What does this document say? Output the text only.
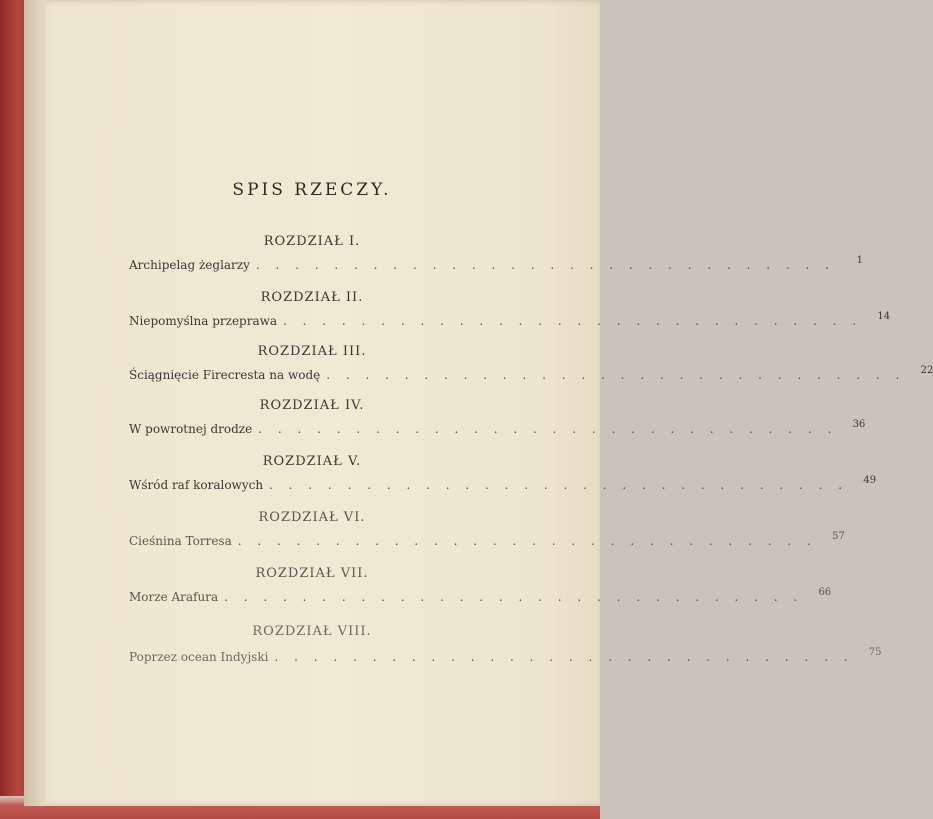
SPIS RZECZY.
ROZDZIAŁ I.
Archipelag żeglarzy . . . . . . . . . . . . . . . . . . . . . . . . . . . . . .	1
ROZDZIAŁ II.
Niepomyślna przeprawa . . . . . . . . . . . . . . . . . . . . . . . . . . . . . .	14
ROZDZIAŁ III.
Ściągnięcie Firecresta na wodę . . . . . . . . . . . . . . . . . . . . . . . . . . . . . .	22
ROZDZIAŁ IV.
W powrotnej drodze . . . . . . . . . . . . . . . . . . . . . . . . . . . . . .	36
ROZDZIAŁ V.
Wśród raf koralowych . . . . . . . . . . . . . . . . . . . . . . . . . . . . . .	49
ROZDZIAŁ VI.
Cieśnina Torresa . . . . . . . . . . . . . . . . . . . . . . . . . . . . . .	57
ROZDZIAŁ VII.
Morze Arafura . . . . . . . . . . . . . . . . . . . . . . . . . . . . . .	66
ROZDZIAŁ VIII.
Poprzez ocean Indyjski . . . . . . . . . . . . . . . . . . . . . . . . . . . . . .	75
